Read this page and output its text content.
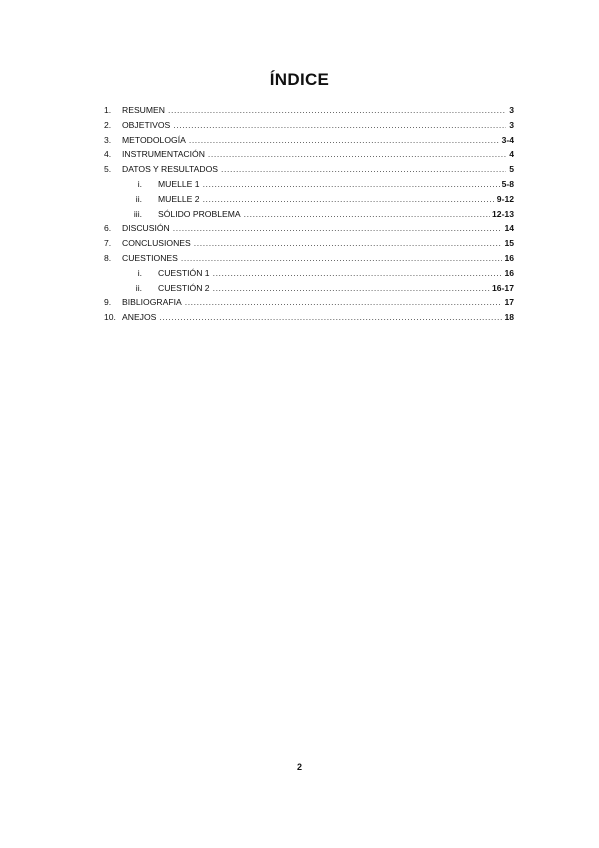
ÍNDICE
1. RESUMEN .....	3
2. OBJETIVOS .....	3
3. METODOLOGÍA .....	3-4
4. INSTRUMENTACIÓN .....	4
5. DATOS Y RESULTADOS .....	5
i. MUELLE 1 .....	5-8
ii. MUELLE 2 .....	9-12
iii. SÓLIDO PROBLEMA .....	12-13
6. DISCUSIÓN .....	14
7. CONCLUSIONES .....	15
8. CUESTIONES .....	16
i. CUESTIÓN 1 .....	16
ii. CUESTIÓN 2 .....	16-17
9. BIBLIOGRAFIA .....	17
10. ANEJOS .....	18
2
